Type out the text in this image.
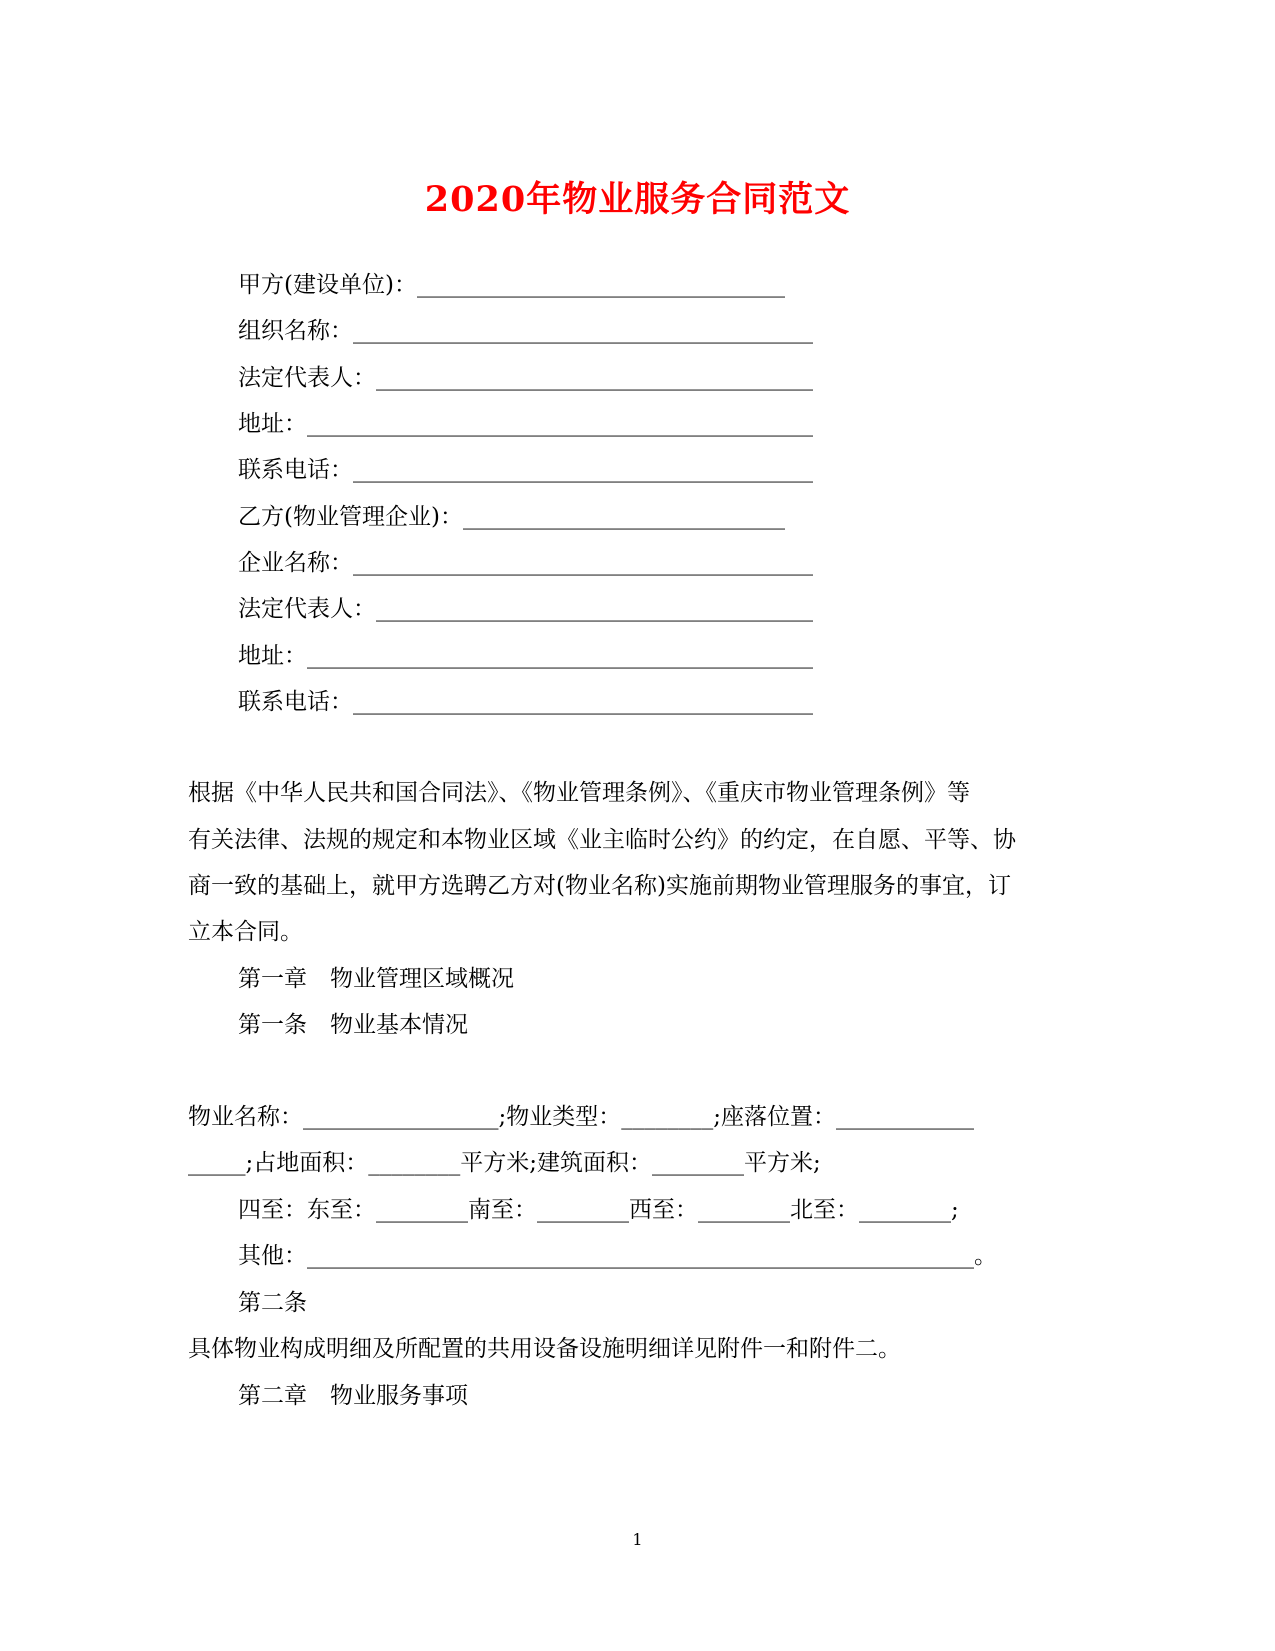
2020年物业服务合同范文
甲方(建设单位)：________________________________
组织名称：________________________________________
法定代表人：______________________________________
地址：____________________________________________
联系电话：________________________________________
乙方(物业管理企业)：____________________________
企业名称：________________________________________
法定代表人：______________________________________
地址：____________________________________________
联系电话：________________________________________
根据《中华人民共和国合同法》、《物业管理条例》、《重庆市物业管理条例》等
有关法律、法规的规定和本物业区域《业主临时公约》的约定，在自愿、平等、协
商一致的基础上，就甲方选聘乙方对(物业名称)实施前期物业管理服务的事宜，订
立本合同。
第一章　物业管理区域概况
第一条　物业基本情况
物业名称：_________________;物业类型：________;座落位置：____________
_____;占地面积：________平方米;建筑面积：________平方米;
四至：东至：________南至：________西至：________北至：________;
其他：__________________________________________________________。
第二条
具体物业构成明细及所配置的共用设备设施明细详见附件一和附件二。
第二章　物业服务事项
1
